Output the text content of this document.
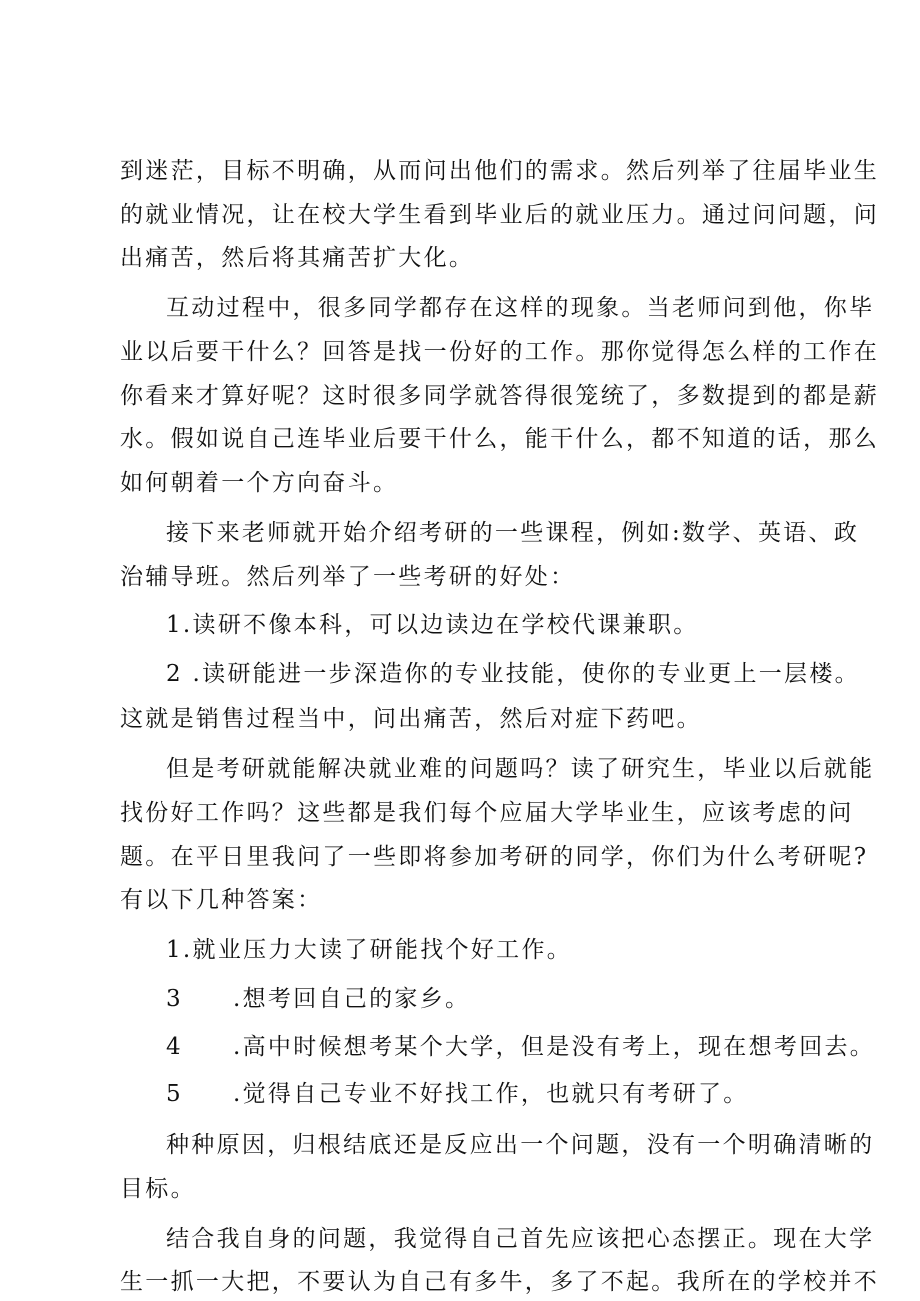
到迷茫，目标不明确，从而问出他们的需求。然后列举了往届毕业生
的就业情况，让在校大学生看到毕业后的就业压力。通过问问题，问
出痛苦，然后将其痛苦扩大化。
互动过程中，很多同学都存在这样的现象。当老师问到他，你毕
业以后要干什么？回答是找一份好的工作。那你觉得怎么样的工作在
你看来才算好呢？这时很多同学就答得很笼统了，多数提到的都是薪
水。假如说自己连毕业后要干什么，能干什么，都不知道的话，那么
如何朝着一个方向奋斗。
接下来老师就开始介绍考研的一些课程，例如:数学、英语、政
治辅导班。然后列举了一些考研的好处：
1.读研不像本科，可以边读边在学校代课兼职。
2 .读研能进一步深造你的专业技能，使你的专业更上一层楼。
这就是销售过程当中，问出痛苦，然后对症下药吧。
但是考研就能解决就业难的问题吗？读了研究生，毕业以后就能
找份好工作吗？这些都是我们每个应届大学毕业生，应该考虑的问
题。在平日里我问了一些即将参加考研的同学，你们为什么考研呢?
有以下几种答案：
1.就业压力大读了研能找个好工作。
3 .想考回自己的家乡。
4 .高中时候想考某个大学，但是没有考上，现在想考回去。
5 .觉得自己专业不好找工作，也就只有考研了。
种种原因，归根结底还是反应出一个问题，没有一个明确清晰的
目标。
结合我自身的问题，我觉得自己首先应该把心态摆正。现在大学
生一抓一大把，不要认为自己有多牛，多了不起。我所在的学校并不
